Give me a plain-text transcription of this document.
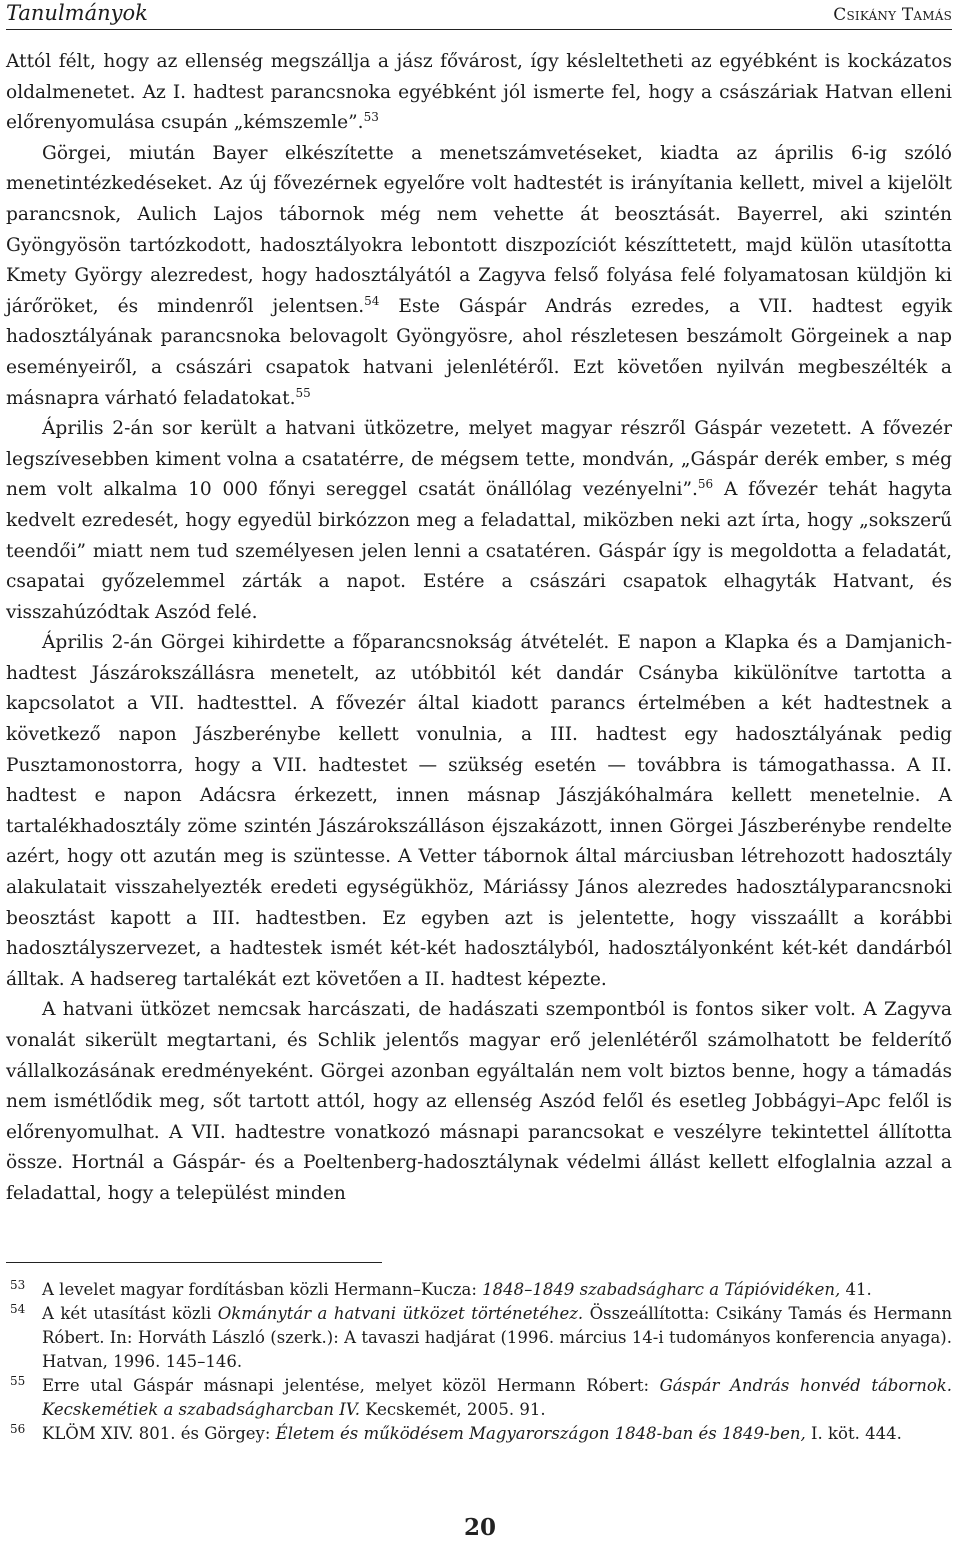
Tanulmányok	Csikány Tamás

Attól félt, hogy az ellenség megszállja a jász fővárost, így késleltetheti az egyébként is kockázatos oldalmenetet. Az I. hadtest parancsnoka egyébként jól ismerte fel, hogy a császáriak Hatvan elleni előrenyomulása csupán „kémszemle”.$^{53}$

Görgei, miután Bayer elkészítette a menetszámvetéseket, kiadta az április 6-ig szóló menetintézkedéseket. Az új fővezérnek egyelőre volt hadtestét is irányítania kellett, mivel a kijelölt parancsnok, Aulich Lajos tábornok még nem vehette át beosztását. Bayerrel, aki szintén Gyöngyösön tartózkodott, hadosztályokra lebontott diszpozíciót készíttetett, majd külön utasította Kmety György alezredest, hogy hadosztályától a Zagyva felső folyása felé folyamatosan küldjön ki járőröket, és mindenről jelentsen.$^{54}$ Este Gáspár András ezredes, a VII. hadtest egyik hadosztályának parancsnoka belovagolt Gyöngyösre, ahol részletesen beszámolt Görgeinek a nap eseményeiről, a császári csapatok hatvani jelenlétéről. Ezt követően nyilván megbeszélték a másnapra várható feladatokat.$^{55}$

Április 2-án sor került a hatvani ütközetre, melyet magyar részről Gáspár vezetett. A fővezér legszívesebben kiment volna a csatatérre, de mégsem tette, mondván, „Gáspár derék ember, s még nem volt alkalma 10 000 főnyi sereggel csatát önállólag vezényelni”.$^{56}$ A fővezér tehát hagyta kedvelt ezredesét, hogy egyedül birkózzon meg a feladattal, miközben neki azt írta, hogy „sokszerű teendői” miatt nem tud személyesen jelen lenni a csatatéren. Gáspár így is megoldotta a feladatát, csapatai győzelemmel zárták a napot. Estére a császári csapatok elhagyták Hatvant, és visszahúzódtak Aszód felé.

Április 2-án Görgei kihirdette a főparancsnokság átvételét. E napon a Klapka és a Damjanich-hadtest Jászárokszállásra menetelt, az utóbbitól két dandár Csányba kikülönítve tartotta a kapcsolatot a VII. hadtesttel. A fővezér által kiadott parancs értelmében a két hadtestnek a következő napon Jászberénybe kellett vonulnia, a III. hadtest egy hadosztályának pedig Pusztamonostorra, hogy a VII. hadtestet — szükség esetén — továbbra is támogathassa. A II. hadtest e napon Adácsra érkezett, innen másnap Jászjákóhalmára kellett menetelnie. A tartalékhadosztály zöme szintén Jászárokszálláson éjszakázott, innen Görgei Jászberénybe rendelte azért, hogy ott azután meg is szüntesse. A Vetter tábornok által márciusban létrehozott hadosztály alakulatait visszahelyezték eredeti egységükhöz, Máriássy János alezredes hadosztályparancsnoki beosztást kapott a III. hadtestben. Ez egyben azt is jelentette, hogy visszaállt a korábbi hadosztályszervezet, a hadtestek ismét két-két hadosztályból, hadosztályonként két-két dandárból álltak. A hadsereg tartalékát ezt követően a II. hadtest képezte.

A hatvani ütközet nemcsak harcászati, de hadászati szempontból is fontos siker volt. A Zagyva vonalát sikerült megtartani, és Schlik jelentős magyar erő jelenlétéről számolhatott be felderítő vállalkozásának eredményeként. Görgei azonban egyáltalán nem volt biztos benne, hogy a támadás nem ismétlődik meg, sőt tartott attól, hogy az ellenség Aszód felől és esetleg Jobbágyi–Apc felől is előrenyomulhat. A VII. hadtestre vonatkozó másnapi parancsokat e veszélyre tekintettel állította össze. Hortnál a Gáspár- és a Poeltenberg-hadosztálynak védelmi állást kellett elfoglalnia azzal a feladattal, hogy a települést minden

53 A levelet magyar fordításban közli Hermann–Kucza: 1848–1849 szabadságharc a Tápióvidéken, 41.

54 A két utasítást közli Okmánytár a hatvani ütközet történetéhez. Összeállította: Csikány Tamás és Hermann Róbert. In: Horváth László (szerk.): A tavaszi hadjárat (1996. március 14-i tudományos konferencia anyaga). Hatvan, 1996. 145–146.

55 Erre utal Gáspár másnapi jelentése, melyet közöl Hermann Róbert: Gáspár András honvéd tábornok. Kecskemétiek a szabadságharcban IV. Kecskemét, 2005. 91.

56 KLÖM XIV. 801. és Görgey: Életem és működésem Magyarországon 1848-ban és 1849-ben, I. köt. 444.

20
